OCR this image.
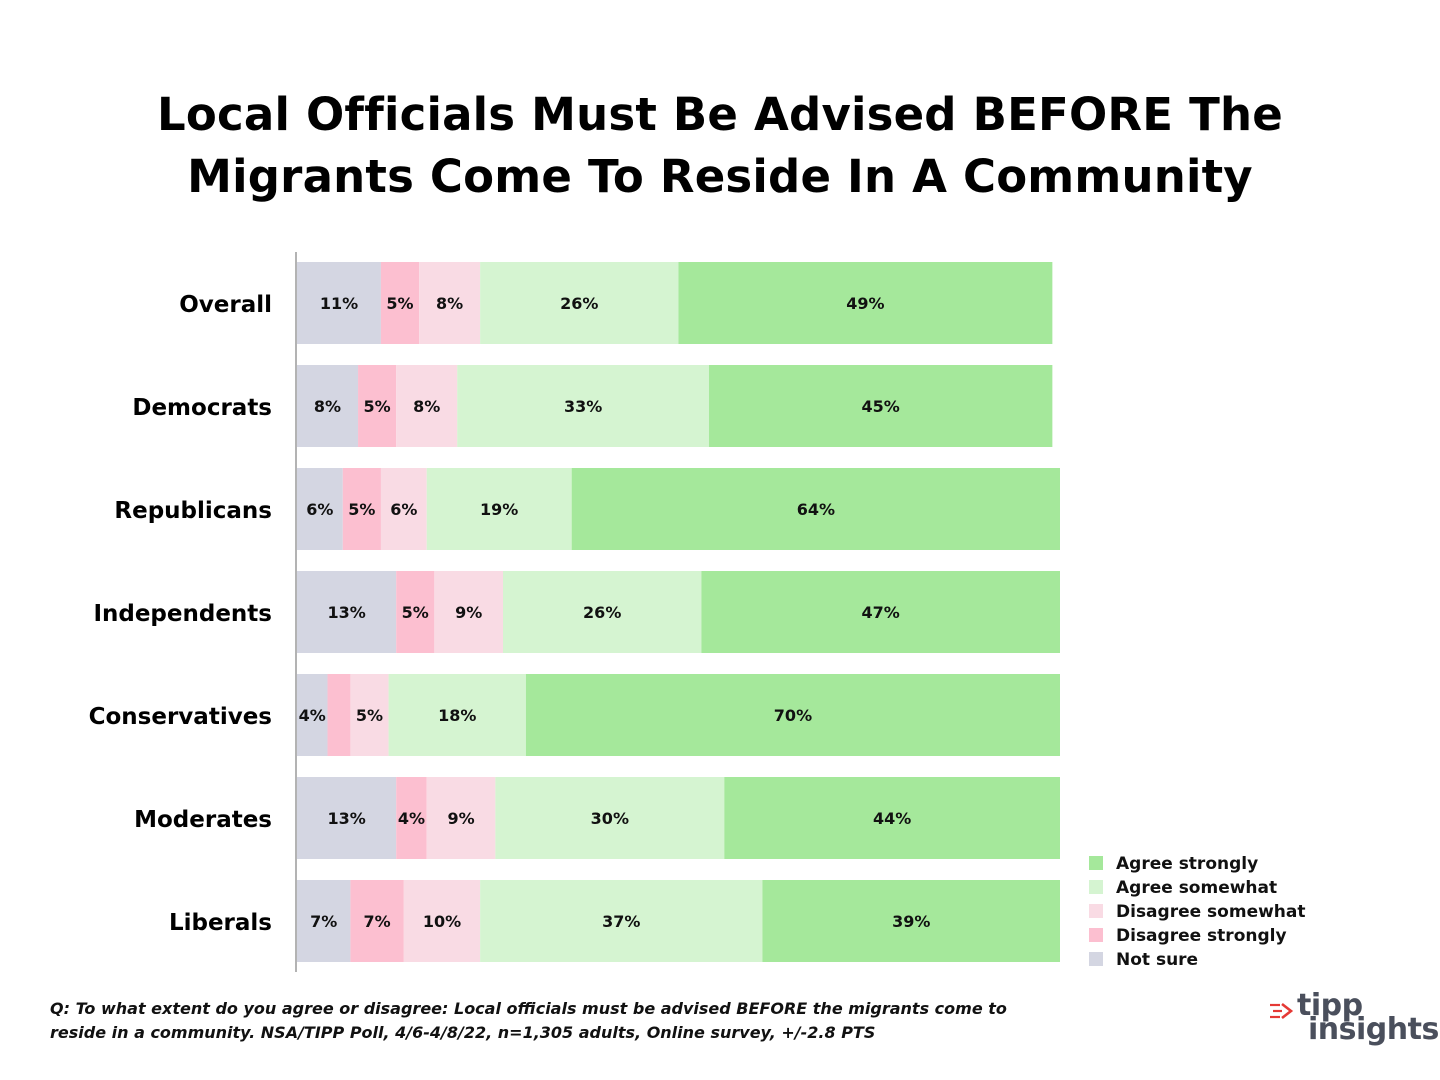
Local Officials Must Be Advised BEFORE The
Migrants Come To Reside In A Community
Overall	11% 5% 8%	26%	49%
Democrats	8% 5% 8%	33%	45%
Republicans 6% 5% 6%	19%	64%
Independents	13% 5% 9%	26%	47%
Conservatives 4% 5%	18%	70%
Moderates	13% 4% 9%	30%	44%
Liberals 7% 7% 10%	37%	39%
Agree strongly
Agree somewhat
Disagree somewhat
Disagree strongly
Not sure
Q: To what extent do you agree or disagree: Local officials must be advised BEFORE the migrants come to
reside in a community. NSA/TIPP Poll, 4/6-4/8/22, n=1,305 adults, Online survey, +/-2.8 PTS
tipp
insights
